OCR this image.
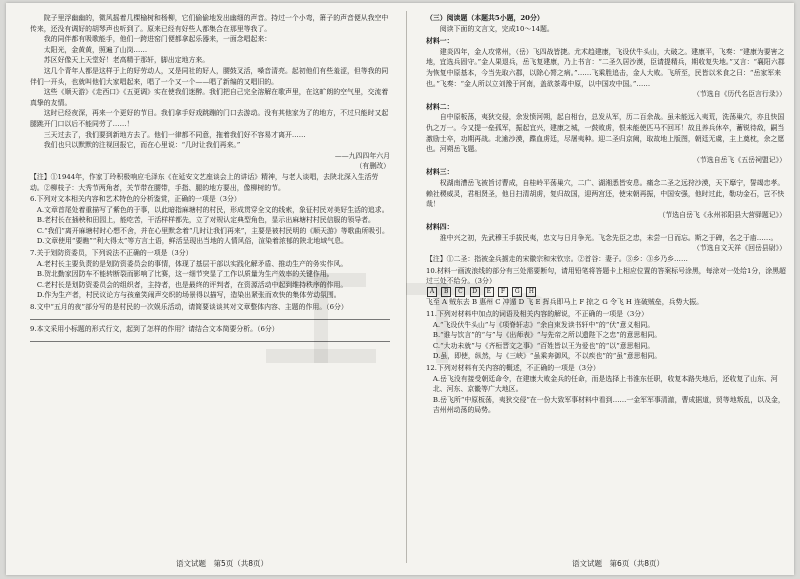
院子里浮幽幽的，微风摇着几棵榆树和杨柳，它们偷偷地发出幽细的声音。持过一个小弯，箫子的声音便从我空中传来，还没有调好的胡琴声也听到了。原来已经有好些人都集合在那里等我了。

我的同伴都有吸歌能手，他们一跨进窑门便都拿起乐器来，一面念唱起来：

太阳光，金黄黄，照遍了山岗……

苏区好像天上天堂好！老高精于那轩，脚出定地方来。

这几个青年人都是这样于上的好劳动人，又是同社的好人，腰鼓叉活，嗓音清亮。起初他们有些羞涩，但等我的同伴们一开头，也就叫他们大家唱起来，唱了一个又一个——唱了新编的又唱旧的。

这些《顺天游》《走西口》《五更调》实在使我们迷醉。我们把自己完全溶解在歌声里，在这旷朗的空气里，交流着真挚的友情。

这时已经夜深，再来一个更好的节目。我们拿手好戏跳蹦的门口去游动。没有其他家为了的地方，不过只能时又起腿跳开门口以后不能同劳了……！

三天过去了，我们要到新地方去了。他们一律都不同意，拖着我们好不容易才离开……

我们也只以默默的注视回报它，而在心里说：“几时让我们再来。”

——九四四年六月

（有删改）

【注】①1944年，作家丁玲积极响应毛泽东《在延安文艺座谈会上的讲话》精神，与老人谈唱，去陕北深入生活劳动。②柳枝子：大秀节两角者，关节带在腰带，手指、腿的地方要出，像柳树的节。

6.下列对文本相关内容和艺术特色的分析鉴赏，正确的一项是（3分）

A.文章首尾处着重描写了紫色的于事，以此暗指麻塘村的村民，形成贯穿全文的线索，象征村民对美好生活的追求。

B.老村长在插秧和田园上，能吃苦，干活样样都先，立了对规认定典型角色，显示出麻塘村村民信服的领导者。

C.“我们”离开麻塘村时心想不舍，并在心里默念着“几时让我们再来”，主要是被村民明的《顺天游》等歌曲所吸引。

D.文章使用“要瞧”“利大得太”等方言土语，鲜活呈现出当地的人情风俗，渲染着浓郁的陕北地域气息。

7.关于划防资委员，下列说法不正确的一项是（3分）

A.老村长主要负责的是划防资委员会的事情，体现了基层干部以实践化解矛盾、推动生产的务实作风。

B.贺北勤家因防车不能转断裂而影响了比赛，这一细节突显了工作以质量为生产效率的关键作用。

C.老村长是划防资委员会的组织者，主持者，也是最终的评判者，在资源活动中起到维持秩序的作用。

D.作为生产者，村民议论方与孩童笑闹声交织的场景得以描写，造染出紧张而欢快的集体劳动氛围。

8.文中“五月的夜”部分写的是村民的一次娱乐活动，请简要谈谈其对文章整体内容、主题的作用。（6分）

9.本文采用小标题的形式行文，起到了怎样的作用？请结合文本简要分析。（6分）

（三）阅读题（本题共5小题，20分）

阅读下面的文言文，完成10～14题。

材料一：

建炎四年，金人攻常州，（岳）飞四战皆捷。尤术趋建康，飞设伏牛头山，大破之。建康平，飞奏：“建康为要害之地，宜选兵固守。”金人果退兵，岳飞复建康，乃上书言：“二圣久居沙漠，臣请提精兵，期收复失地。”又言：“襄阳六郡为恢复中原基本，今当先取六郡，以除心膂之病。”……飞乘胜追击，金人大败。飞所至，民皆以米食之曰：“岳家军来也。”飞奏：“金人所以立刘豫于河南，盖欲茶毒中原，以中国攻中国。”……

（节选自《历代名臣言行录》）

材料二：

自中原板荡，夷狄交侵，余发愤河朔，起自相台，总发从军，历二百余战。虽未能远入夷荒，洗荡巢穴，亦且快国仇之万一。今又提一垒孤军，振起宜兴，建康之城，一鼓败虏，恨未能使匹马不回耳！故且养兵休卒，蓄锐待敌，嗣当激励士卒，功期再战。北逾沙漠，蹀血虏廷，尽屠夷种。迎二圣归京阙，取故地上版图，朝廷无虞，主上奠枕，余之愿也。河朔岳飞题。

（节选自岳飞《五岳祠盟记》）

材料三：

权湖南漕岳飞被旨讨曹成，自桂岭平荡巢穴，二广、湖湘悉皆安息。痛念二圣之远狩沙漠，天下靡宁，誓竭忠孝。赖社稷威灵，君相贤圣，他日扫清胡虏，复归故国，迎两宫还，使宋朝再振，中国安强，他时过此，勒功金石，岂不快哉！

（节选自岳飞《永州祁阳县大营驿题记》）

材料四：

淮中兴之初，先武穆王手拔民夷，忠文与日月争光。飞念先臣之忠，未尝一日而忘。斯之于碑，名之于庙……。

（节选自文天祥《回岳县尉》）

【注】①二圣：指被金兵掳走的宋徽宗和宋钦宗。②首谷：妻子。③乡：③乡乃乡……

10.材料一画波浪线的部分有三处需要断句，请用铅笔将答题卡上相应位置的答案标号涂黑，每涂对一处给1分，涂黑超过三处不给分。（3分）

A B C D E F G H

飞至 A 贼东去 B 惠州 C 冲遁 D 飞 E 挥兵即马上 F 掠之 G 令飞 H 连破贼垒，兵势大振。

11.下列对材料中加点的词语及相关内容的解说，不正确的一项是（3分）

A.“飞设伏牛头山”与《项脊轩志》“余自束发读书轩中”的“伏”意义相同。

B.“谁与饮言”的“与”与《出师表》“与先帝之所以遗陛下之忠”的意思相同。

C.“大功未就”与《齐桓晋文之事》“百姓皆以王为爱也”的“以”意思相同。

D.虽，即使，纵然，与《三峡》“虽乘奔御风，不以疾也”的“虽”意思相同。

12.下列对材料有关内容的概述，不正确的一项是（3分）

A.岳飞没有接受朝廷命令，在建康大败金兵的任命，而是选择上书淮东任职，收复本路失地后，还收复了山东、河北、河东、京畿等广大地区。

B.岳飞所“中原板荡，夷狄交侵”在一份大致军事材料中看到……一金军军事清澈，曹成据道，贸等地叛乱，以及金，吉州州动荡的局势。

语文试题　第5页（共8页）	语文试题　第6页（共8页）
